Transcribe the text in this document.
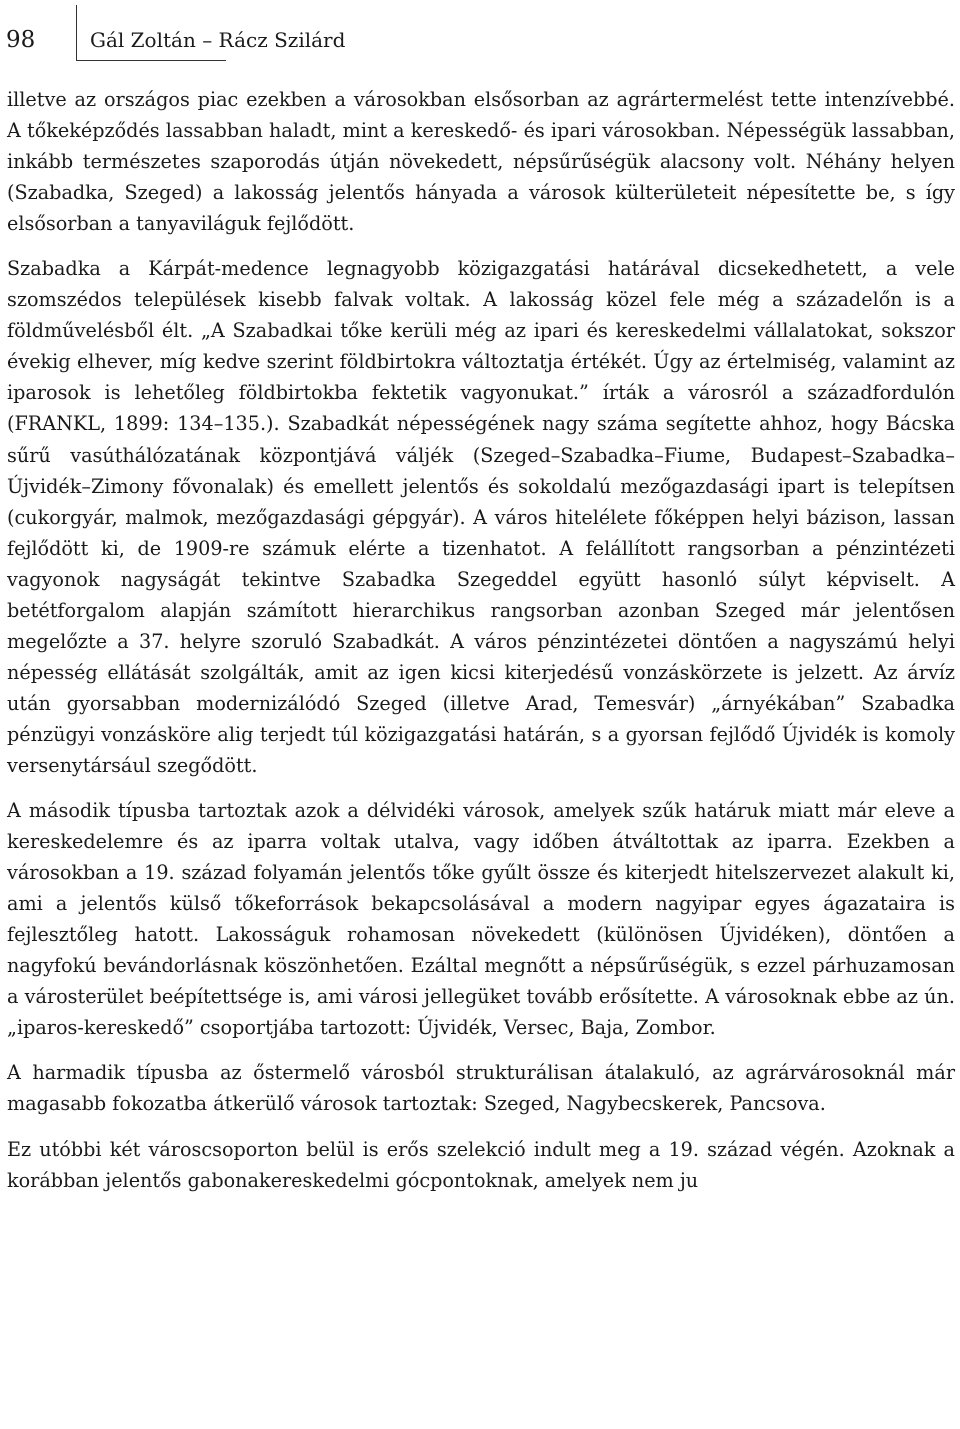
98	Gál Zoltán – Rácz Szilárd

illetve az országos piac ezekben a városokban elsősorban az agrártermelést tette intenzívebbé. A tőkeképződés lassabban haladt, mint a kereskedő- és ipari városokban. Népességük lassabban, inkább természetes szaporodás útján növekedett, népsűrűségük alacsony volt. Néhány helyen (Szabadka, Szeged) a lakosság jelentős hányada a városok külterületeit népesítette be, s így elsősorban a tanyaviláguk fejlődött.

Szabadka a Kárpát-medence legnagyobb közigazgatási határával dicsekedhetett, a vele szomszédos települések kisebb falvak voltak. A lakosság közel fele még a századelőn is a földművelésből élt. „A Szabadkai tőke kerüli még az ipari és kereskedelmi vállalatokat, sokszor évekig elhever, míg kedve szerint földbirtokra változtatja értékét. Úgy az értelmiség, valamint az iparosok is lehetőleg földbirtokba fektetik vagyonukat.” írták a városról a századfordulón (FRANKL, 1899: 134–135.). Szabadkát népességének nagy száma segítette ahhoz, hogy Bácska sűrű vasúthálózatának központjává váljék (Szeged–Szabadka–Fiume, Budapest–Szabadka–Újvidék–Zimony fővonalak) és emellett jelentős és sokoldalú mezőgazdasági ipart is telepítsen (cukorgyár, malmok, mezőgazdasági gépgyár). A város hitelélete főképpen helyi bázison, lassan fejlődött ki, de 1909-re számuk elérte a tizenhatot. A felállított rangsorban a pénzintézeti vagyonok nagyságát tekintve Szabadka Szegeddel együtt hasonló súlyt képviselt. A betétforgalom alapján számított hierarchikus rangsorban azonban Szeged már jelentősen megelőzte a 37. helyre szoruló Szabadkát. A város pénzintézetei döntően a nagyszámú helyi népesség ellátását szolgálták, amit az igen kicsi kiterjedésű vonzáskörzete is jelzett. Az árvíz után gyorsabban modernizálódó Szeged (illetve Arad, Temesvár) „árnyékában” Szabadka pénzügyi vonzásköre alig terjedt túl közigazgatási határán, s a gyorsan fejlődő Újvidék is komoly versenytársául szegődött.

A második típusba tartoztak azok a délvidéki városok, amelyek szűk határuk miatt már eleve a kereskedelemre és az iparra voltak utalva, vagy időben átváltottak az iparra. Ezekben a városokban a 19. század folyamán jelentős tőke gyűlt össze és kiterjedt hitelszervezet alakult ki, ami a jelentős külső tőkeforrások bekapcsolásával a modern nagyipar egyes ágazataira is fejlesztőleg hatott. Lakosságuk rohamosan növekedett (különösen Újvidéken), döntően a nagyfokú bevándorlásnak köszönhetően. Ezáltal megnőtt a népsűrűségük, s ezzel párhuzamosan a városterület beépítettsége is, ami városi jellegüket tovább erősítette. A városoknak ebbe az ún. „iparos-kereskedő” csoportjába tartozott: Újvidék, Versec, Baja, Zombor.

A harmadik típusba az őstermelő városból strukturálisan átalakuló, az agrárvárosoknál már magasabb fokozatba átkerülő városok tartoztak: Szeged, Nagybecskerek, Pancsova.

Ez utóbbi két városcsoporton belül is erős szelekció indult meg a 19. század végén. Azoknak a korábban jelentős gabonakereskedelmi gócpontoknak, amelyek nem ju
